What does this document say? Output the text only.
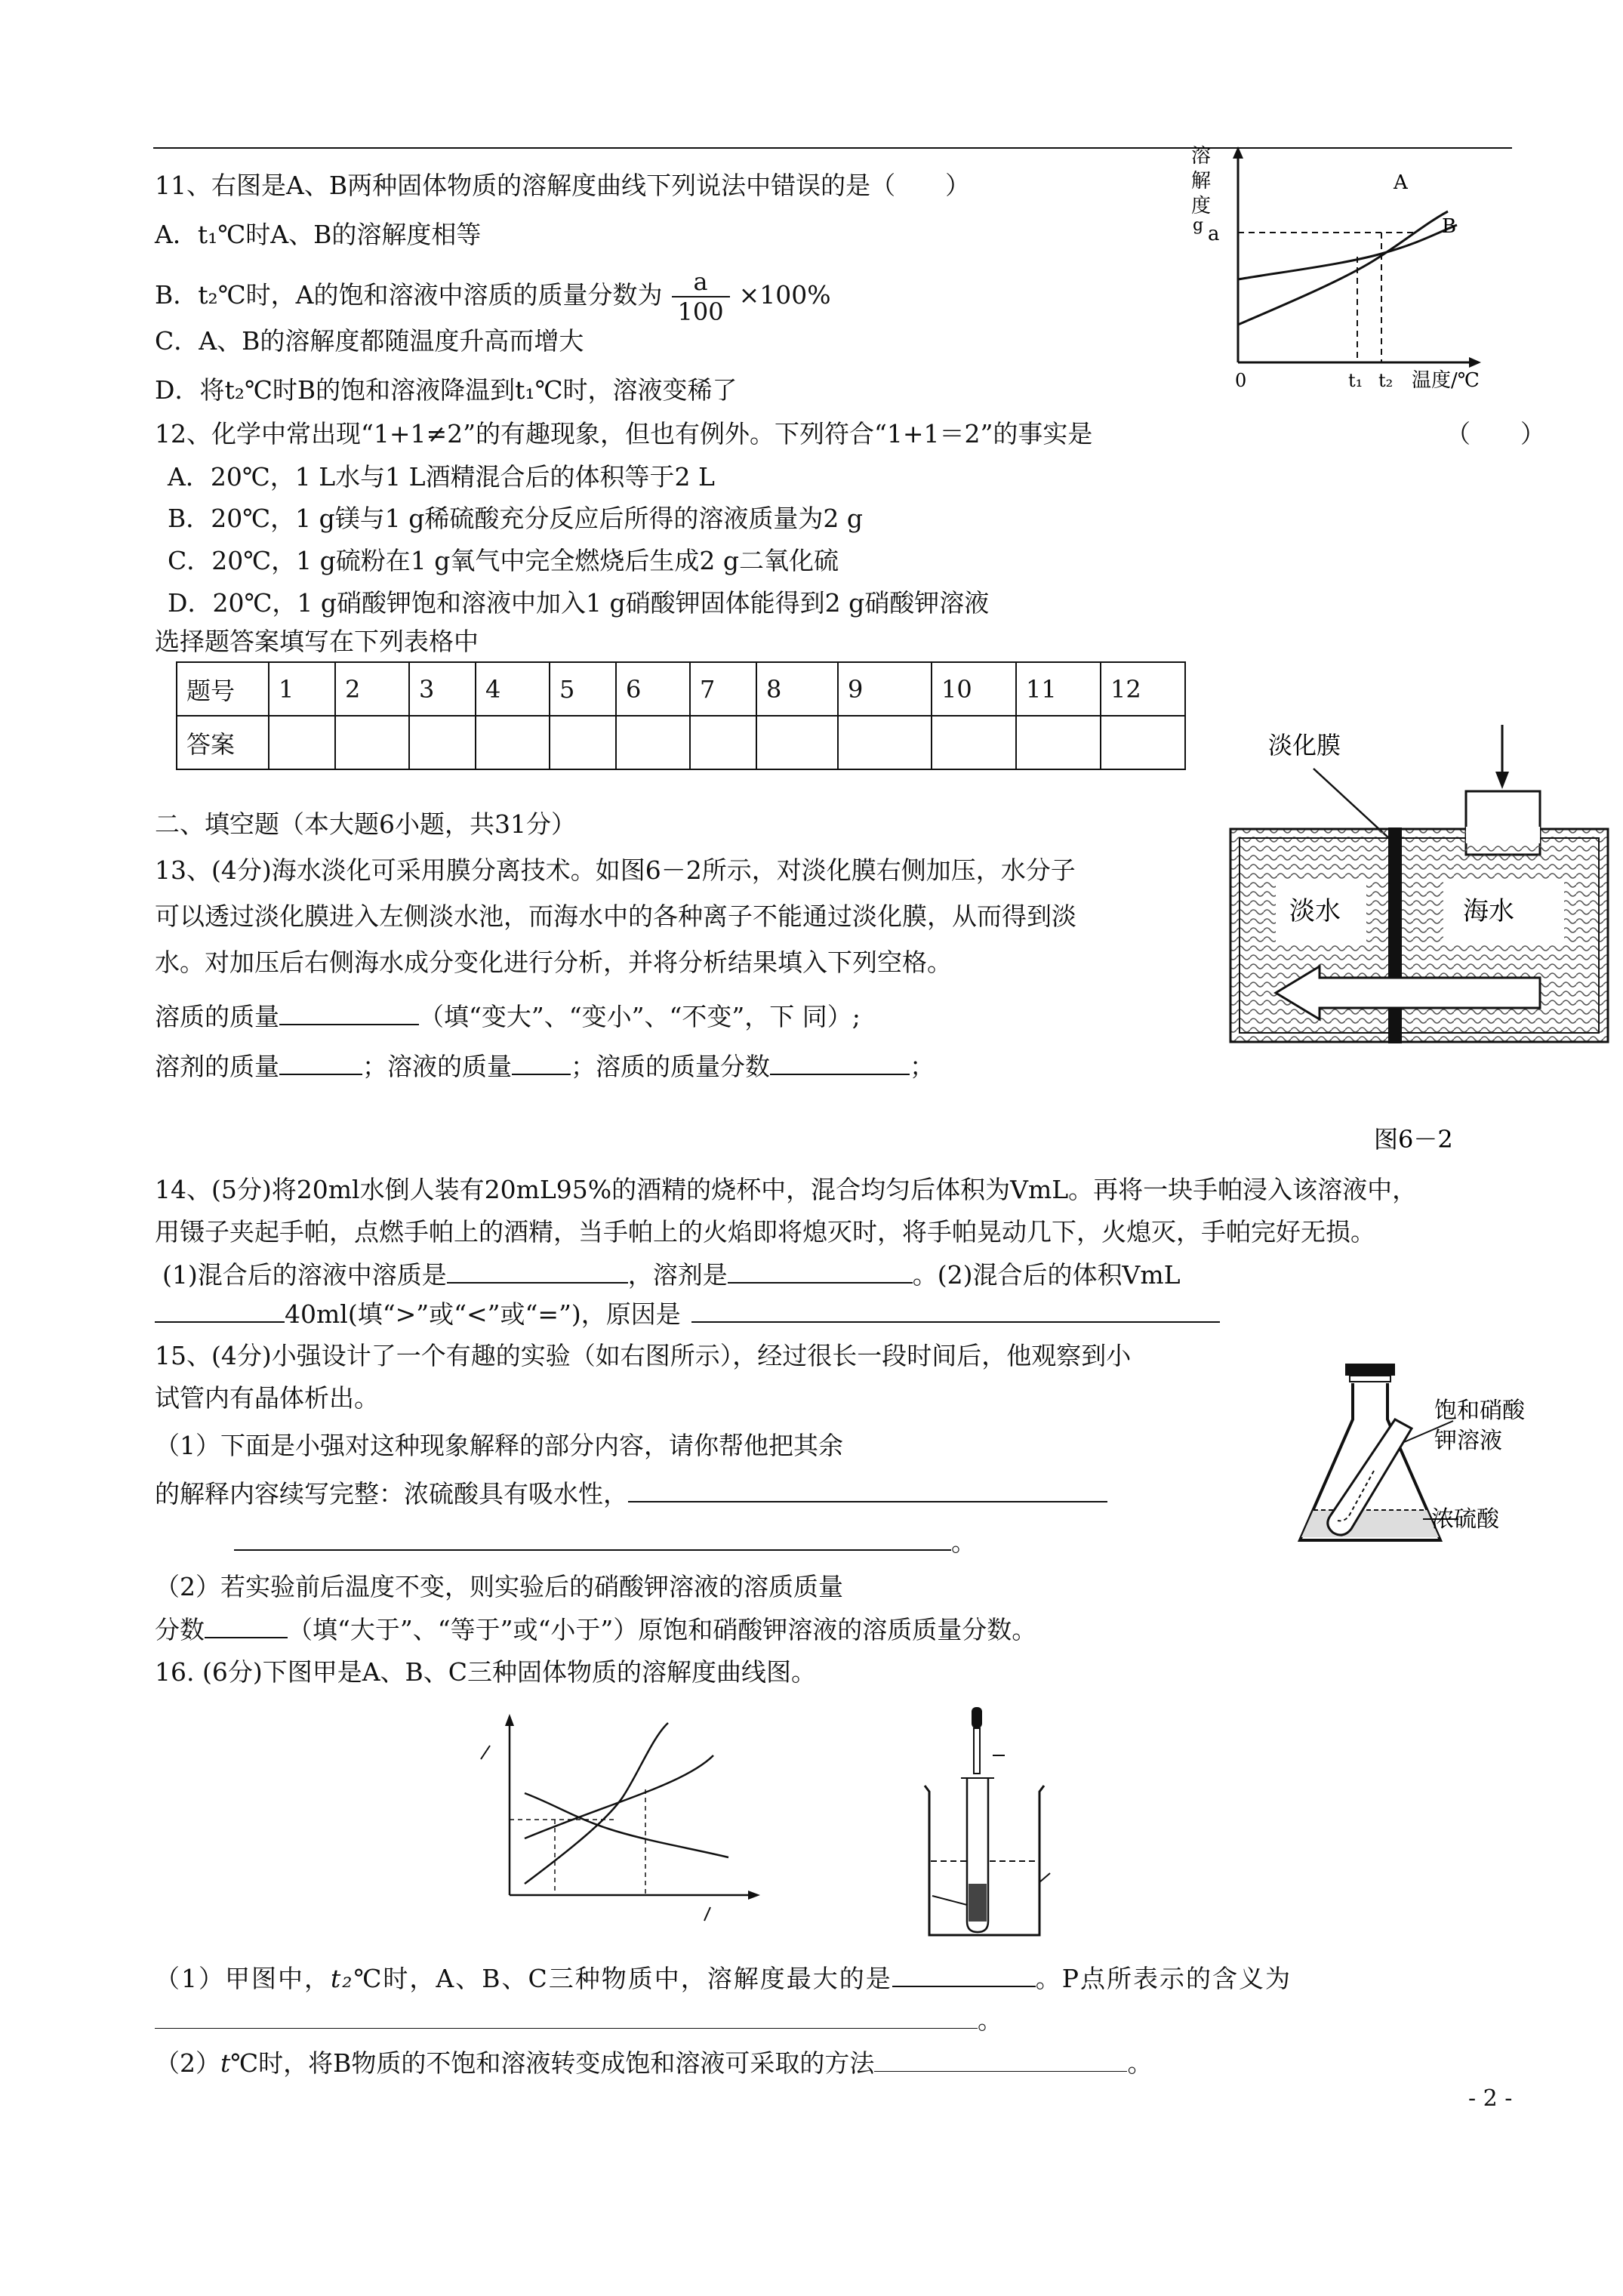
11、右图是A、B两种固体物质的溶解度曲线下列说法中错误的是（　　）
A．t₁℃时A、B的溶解度相等
B．t₂℃时，A的饱和溶液中溶质的质量分数为 $\frac{a}{100} \times 100\%$
C．A、B的溶解度都随温度升高而增大
D．将t₂℃时B的饱和溶液降温到t₁℃时，溶液变稀了
溶
解
度
g a
A
B
0	t₁ t₂ 温度/℃
12、化学中常出现“1+1≠2”的有趣现象，但也有例外。下列符合“1+1＝2”的事实是	（　　）
A．20℃，1 L水与1 L酒精混合后的体积等于2 L
B．20℃，1 g镁与1 g稀硫酸充分反应后所得的溶液质量为2 g
C．20℃，1 g硫粉在1 g氧气中完全燃烧后生成2 g二氧化硫
D．20℃，1 g硝酸钾饱和溶液中加入1 g硝酸钾固体能得到2 g硝酸钾溶液
选择题答案填写在下列表格中
题号	1	2	3	4	5	6	7	8	9	10	11	12
答案												
二、填空题（本大题6小题，共31分）
13、(4分)海水淡化可采用膜分离技术。如图6－2所示，对淡化膜右侧加压，水分子
可以透过淡化膜进入左侧淡水池，而海水中的各种离子不能通过淡化膜，从而得到淡
水。对加压后右侧海水成分变化进行分析，并将分析结果填入下列空格。
溶质的质量	（填“变大”、“变小”、“不变”，下 同）;
溶剂的质量	；溶液的质量 ；溶质的质量分数	；
淡化膜
淡水	海水
图6－2
14、(5分)将20ml水倒人装有20mL95%的酒精的烧杯中，混合均匀后体积为VmL。再将一块手帕浸入该溶液中，
用镊子夹起手帕，点燃手帕上的酒精，当手帕上的火焰即将熄灭时，将手帕晃动几下，火熄灭，手帕完好无损。
(1)混合后的溶液中溶质是	，溶剂是	。(2)混合后的体积VmL
40ml(填“>”或“<”或“=”)，原因是
15、(4分)小强设计了一个有趣的实验（如右图所示），经过很长一段时间后，他观察到小
试管内有晶体析出。
（1）下面是小强对这种现象解释的部分内容，请你帮他把其余
的解释内容续写完整：浓硫酸具有吸水性，
。
（2）若实验前后温度不变，则实验后的硝酸钾溶液的溶质质量
分数	（填“大于”、“等于”或“小于”）原饱和硝酸钾溶液的溶质质量分数。
饱和硝酸
钾溶液
浓硫酸
16. (6分)下图甲是A、B、C三种固体物质的溶解度曲线图。
（1）甲图中，t₂℃时，A、B、C三种物质中，溶解度最大的是	。P点所表示的含义为
。
（2）t℃时，将B物质的不饱和溶液转变成饱和溶液可采取的方法	。
- 2 -
